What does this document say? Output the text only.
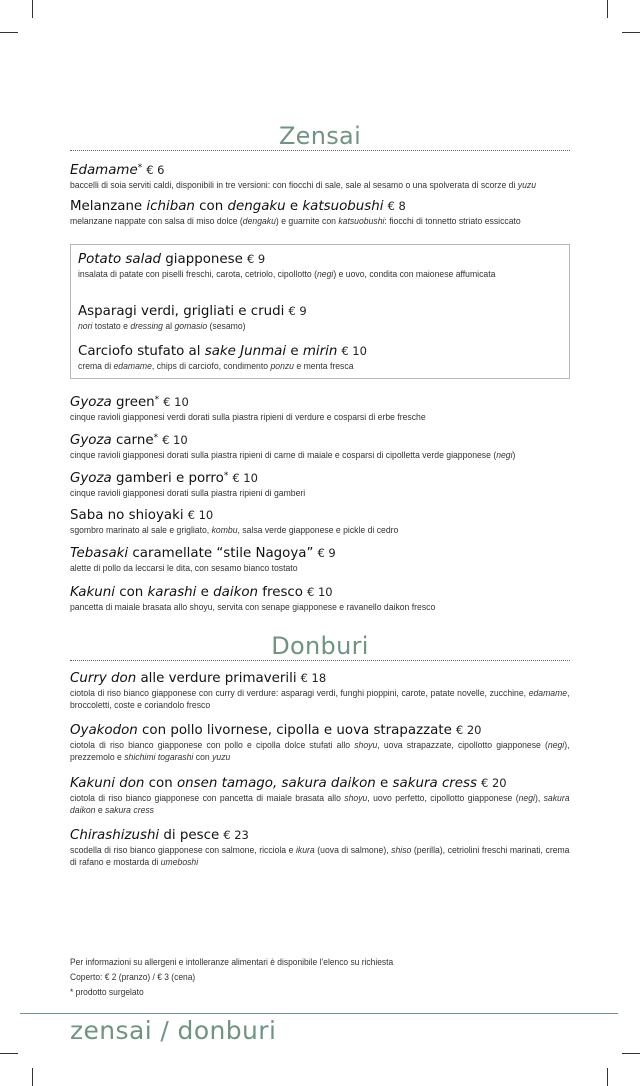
Zensai
Edamame* € 6
baccelli di soia serviti caldi, disponibili in tre versioni: con fiocchi di sale, sale al sesamo o una spolverata di scorze di yuzu
Melanzane ichiban con dengaku e katsuobushi € 8
melanzane nappate con salsa di miso dolce (dengaku) e guarnite con katsuobushi: fiocchi di tonnetto striato essiccato
Potato salad giapponese € 9
insalata di patate con piselli freschi, carota, cetriolo, cipollotto (negi) e uovo, condita con maionese affumicata
Asparagi verdi, grigliati e crudi € 9
nori tostato e dressing al gomasio (sesamo)
Carciofo stufato al sake Junmai e mirin € 10
crema di edamame, chips di carciofo, condimento ponzu e menta fresca
Gyoza green* € 10
cinque ravioli giapponesi verdi dorati sulla piastra ripieni di verdure e cosparsi di erbe fresche
Gyoza carne* € 10
cinque ravioli giapponesi dorati sulla piastra ripieni di carne di maiale e cosparsi di cipolletta verde giapponese (negi)
Gyoza gamberi e porro* € 10
cinque ravioli giapponesi dorati sulla piastra ripieni di gamberi
Saba no shioyaki € 10
sgombro marinato al sale e grigliato, kombu, salsa verde giapponese e pickle di cedro
Tebasaki caramellate “stile Nagoya” € 9
alette di pollo da leccarsi le dita, con sesamo bianco tostato
Kakuni con karashi e daikon fresco € 10
pancetta di maiale brasata allo shoyu, servita con senape giapponese e ravanello daikon fresco
Donburi
Curry don alle verdure primaverili € 18
ciotola di riso bianco giapponese con curry di verdure: asparagi verdi, funghi pioppini, carote, patate novelle, zucchine, edamame, broccoletti, coste e coriandolo fresco
Oyakodon con pollo livornese, cipolla e uova strapazzate € 20
ciotola di riso bianco giapponese con pollo e cipolla dolce stufati allo shoyu, uova strapazzate, cipollotto giapponese (negi), prezzemolo e shichimi togarashi con yuzu
Kakuni don con onsen tamago, sakura daikon e sakura cress € 20
ciotola di riso bianco giapponese con pancetta di maiale brasata allo shoyu, uovo perfetto, cipollotto giapponese (negi), sakura daikon e sakura cress
Chirashizushi di pesce € 23
scodella di riso bianco giapponese con salmone, ricciola e ikura (uova di salmone), shiso (perilla), cetriolini freschi marinati, crema di rafano e mostarda di umeboshi
Per informazioni su allergeni e intolleranze alimentari è disponibile l’elenco su richiesta
Coperto: € 2 (pranzo) / € 3 (cena)
* prodotto surgelato
zensai / donburi
